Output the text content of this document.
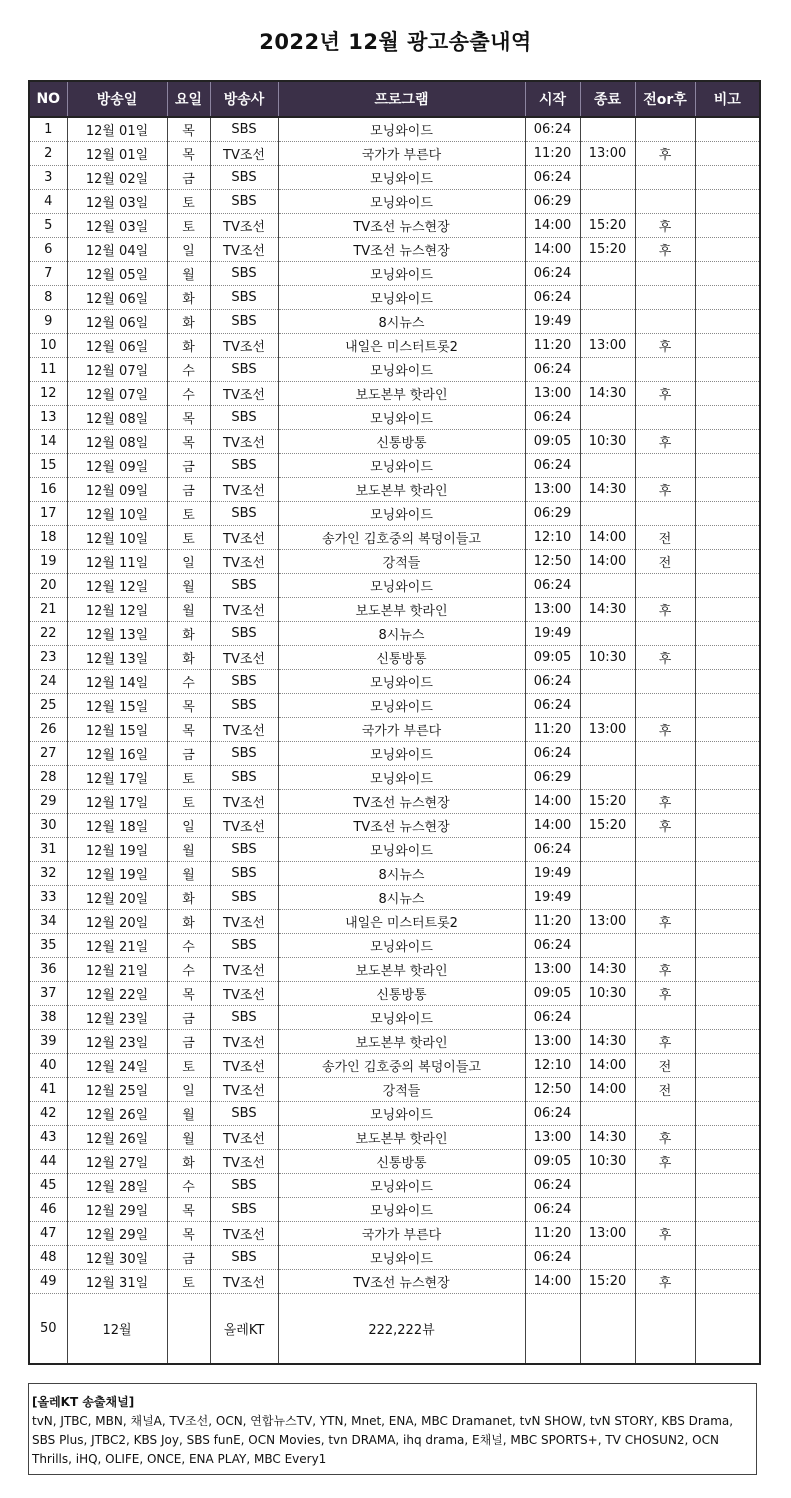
2022년 12월 광고송출내역
NO	방송일	요일	방송사	프로그램	시작	종료	전or후	비고
1	12월 01일	목	SBS	모닝와이드	06:24			
2	12월 01일	목	TV조선	국가가 부른다	11:20	13:00	후	
3	12월 02일	금	SBS	모닝와이드	06:24			
4	12월 03일	토	SBS	모닝와이드	06:29			
5	12월 03일	토	TV조선	TV조선 뉴스현장	14:00	15:20	후	
6	12월 04일	일	TV조선	TV조선 뉴스현장	14:00	15:20	후	
7	12월 05일	월	SBS	모닝와이드	06:24			
8	12월 06일	화	SBS	모닝와이드	06:24			
9	12월 06일	화	SBS	8시뉴스	19:49			
10	12월 06일	화	TV조선	내일은 미스터트롯2	11:20	13:00	후	
11	12월 07일	수	SBS	모닝와이드	06:24			
12	12월 07일	수	TV조선	보도본부 핫라인	13:00	14:30	후	
13	12월 08일	목	SBS	모닝와이드	06:24			
14	12월 08일	목	TV조선	신통방통	09:05	10:30	후	
15	12월 09일	금	SBS	모닝와이드	06:24			
16	12월 09일	금	TV조선	보도본부 핫라인	13:00	14:30	후	
17	12월 10일	토	SBS	모닝와이드	06:29			
18	12월 10일	토	TV조선	송가인 김호중의 복덩이들고	12:10	14:00	전	
19	12월 11일	일	TV조선	강적들	12:50	14:00	전	
20	12월 12일	월	SBS	모닝와이드	06:24			
21	12월 12일	월	TV조선	보도본부 핫라인	13:00	14:30	후	
22	12월 13일	화	SBS	8시뉴스	19:49			
23	12월 13일	화	TV조선	신통방통	09:05	10:30	후	
24	12월 14일	수	SBS	모닝와이드	06:24			
25	12월 15일	목	SBS	모닝와이드	06:24			
26	12월 15일	목	TV조선	국가가 부른다	11:20	13:00	후	
27	12월 16일	금	SBS	모닝와이드	06:24			
28	12월 17일	토	SBS	모닝와이드	06:29			
29	12월 17일	토	TV조선	TV조선 뉴스현장	14:00	15:20	후	
30	12월 18일	일	TV조선	TV조선 뉴스현장	14:00	15:20	후	
31	12월 19일	월	SBS	모닝와이드	06:24			
32	12월 19일	월	SBS	8시뉴스	19:49			
33	12월 20일	화	SBS	8시뉴스	19:49			
34	12월 20일	화	TV조선	내일은 미스터트롯2	11:20	13:00	후	
35	12월 21일	수	SBS	모닝와이드	06:24			
36	12월 21일	수	TV조선	보도본부 핫라인	13:00	14:30	후	
37	12월 22일	목	TV조선	신통방통	09:05	10:30	후	
38	12월 23일	금	SBS	모닝와이드	06:24			
39	12월 23일	금	TV조선	보도본부 핫라인	13:00	14:30	후	
40	12월 24일	토	TV조선	송가인 김호중의 복덩이들고	12:10	14:00	전	
41	12월 25일	일	TV조선	강적들	12:50	14:00	전	
42	12월 26일	월	SBS	모닝와이드	06:24			
43	12월 26일	월	TV조선	보도본부 핫라인	13:00	14:30	후	
44	12월 27일	화	TV조선	신통방통	09:05	10:30	후	
45	12월 28일	수	SBS	모닝와이드	06:24			
46	12월 29일	목	SBS	모닝와이드	06:24			
47	12월 29일	목	TV조선	국가가 부른다	11:20	13:00	후	
48	12월 30일	금	SBS	모닝와이드	06:24			
49	12월 31일	토	TV조선	TV조선 뉴스현장	14:00	15:20	후	
50	12월		올레KT	222,222뷰				
[올레KT 송출채널]
tvN, JTBC, MBN, 채널A, TV조선, OCN, 연합뉴스TV, YTN, Mnet, ENA, MBC Dramanet, tvN SHOW, tvN STORY, KBS Drama,
SBS Plus, JTBC2, KBS Joy, SBS funE, OCN Movies, tvn DRAMA, ihq drama, E채널, MBC SPORTS+, TV CHOSUN2, OCN
Thrills, iHQ, OLIFE, ONCE, ENA PLAY, MBC Every1
